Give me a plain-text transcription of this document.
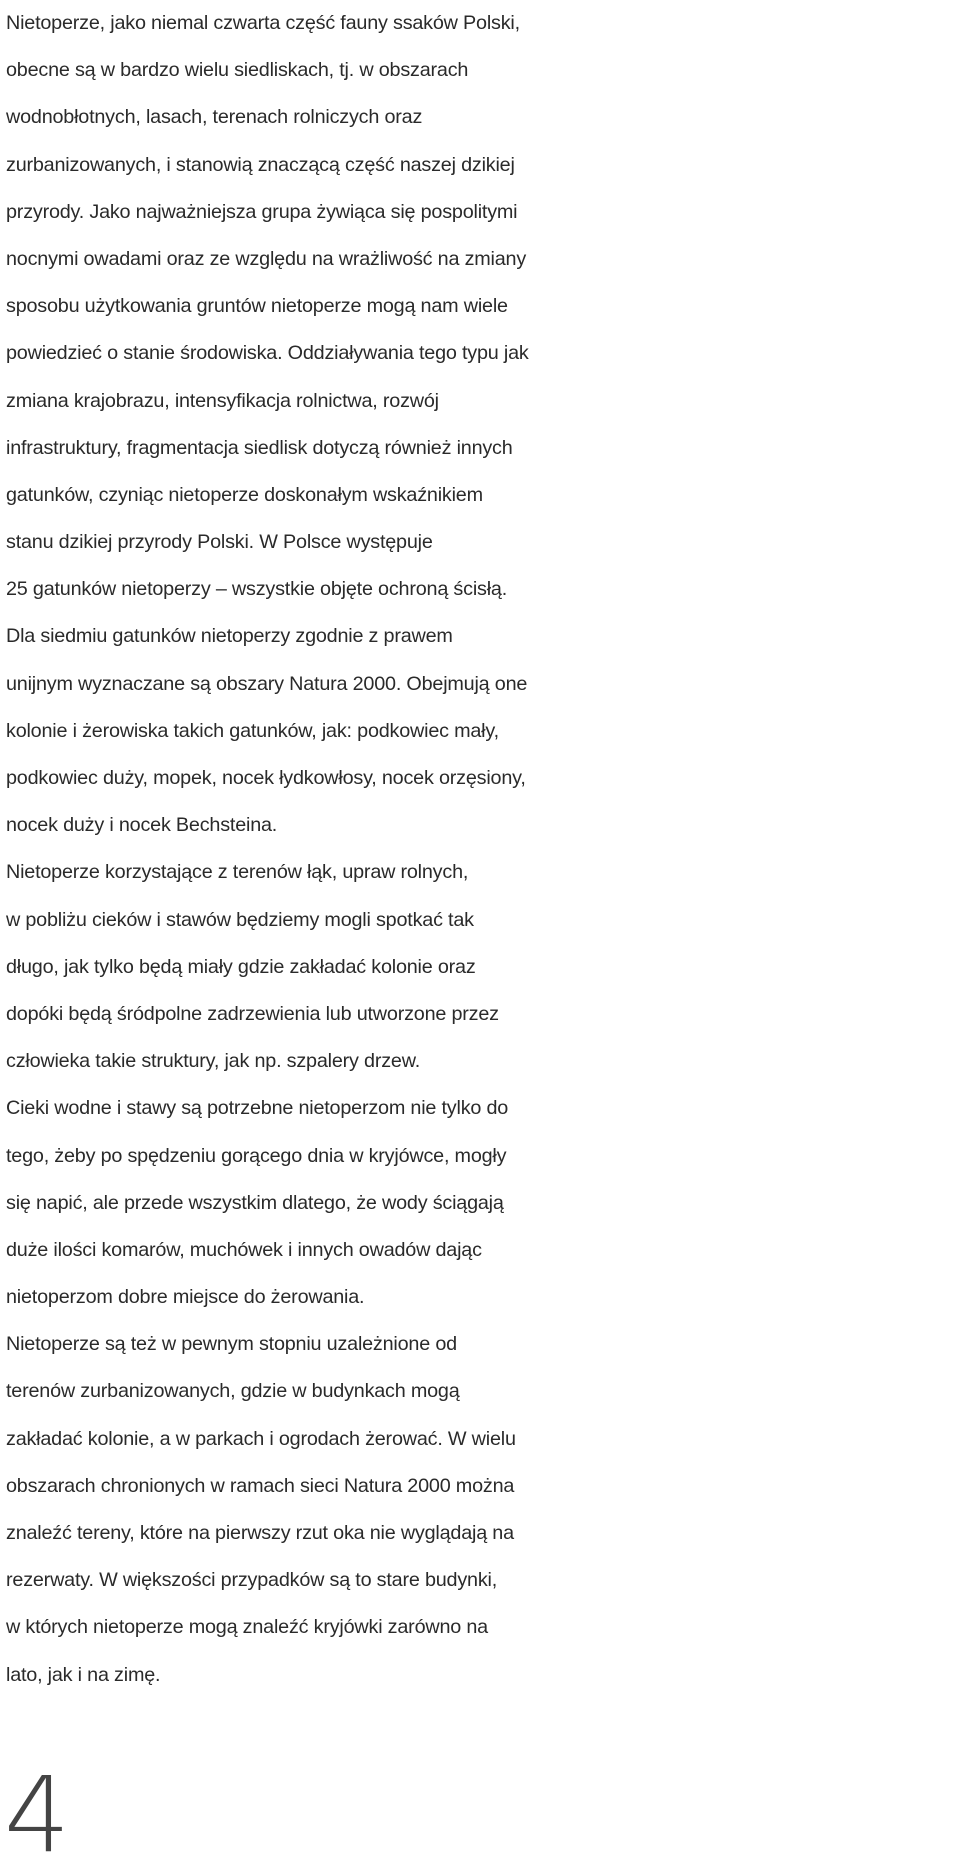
Nietoperze, jako niemal czwarta część fauny ssaków Polski,
obecne są w bardzo wielu siedliskach, tj. w obszarach
wodnobłotnych, lasach, terenach rolniczych oraz
zurbanizowanych, i stanowią znaczącą część naszej dzikiej
przyrody. Jako najważniejsza grupa żywiąca się pospolitymi
nocnymi owadami oraz ze względu na wrażliwość na zmiany
sposobu użytkowania gruntów nietoperze mogą nam wiele
powiedzieć o stanie środowiska. Oddziaływania tego typu jak
zmiana krajobrazu, intensyfikacja rolnictwa, rozwój
infrastruktury, fragmentacja siedlisk dotyczą również innych
gatunków, czyniąc nietoperze doskonałym wskaźnikiem
stanu dzikiej przyrody Polski. W Polsce występuje
25 gatunków nietoperzy – wszystkie objęte ochroną ścisłą.
Dla siedmiu gatunków nietoperzy zgodnie z prawem
unijnym wyznaczane są obszary Natura 2000. Obejmują one
kolonie i żerowiska takich gatunków, jak: podkowiec mały,
podkowiec duży, mopek, nocek łydkowłosy, nocek orzęsiony,
nocek duży i nocek Bechsteina.
Nietoperze korzystające z terenów łąk, upraw rolnych,
w pobliżu cieków i stawów będziemy mogli spotkać tak
długo, jak tylko będą miały gdzie zakładać kolonie oraz
dopóki będą śródpolne zadrzewienia lub utworzone przez
człowieka takie struktury, jak np. szpalery drzew.
Cieki wodne i stawy są potrzebne nietoperzom nie tylko do
tego, żeby po spędzeniu gorącego dnia w kryjówce, mogły
się napić, ale przede wszystkim dlatego, że wody ściągają
duże ilości komarów, muchówek i innych owadów dając
nietoperzom dobre miejsce do żerowania.
Nietoperze są też w pewnym stopniu uzależnione od
terenów zurbanizowanych, gdzie w budynkach mogą
zakładać kolonie, a w parkach i ogrodach żerować. W wielu
obszarach chronionych w ramach sieci Natura 2000 można
znaleźć tereny, które na pierwszy rzut oka nie wyglądają na
rezerwaty. W większości przypadków są to stare budynki,
w których nietoperze mogą znaleźć kryjówki zarówno na
lato, jak i na zimę.
4
